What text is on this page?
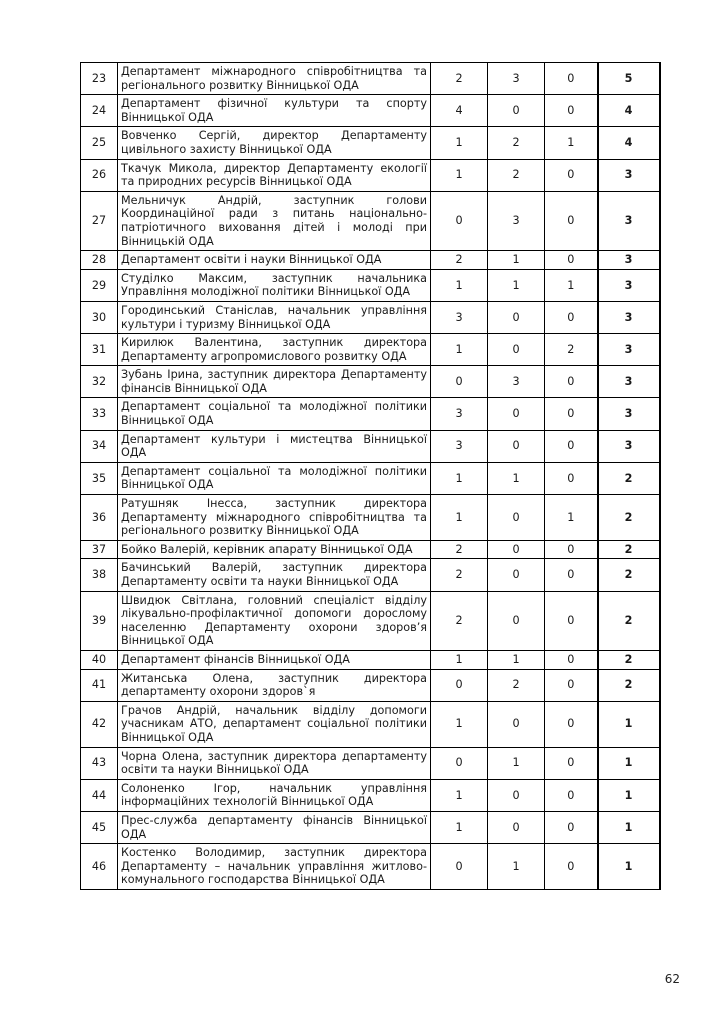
23	Департамент міжнародного співробітництва та регіонального розвитку Вінницької ОДА	2	3	0	5
24	Департамент фізичної культури та спорту Вінницької ОДА	4	0	0	4
25	Вовченко Сергій, директор Департаменту цивільного захисту Вінницької ОДА	1	2	1	4
26	Ткачук Микола, директор Департаменту екології та природних ресурсів Вінницької ОДА	1	2	0	3
27	Мельничук Андрій, заступник голови Координаційної ради з питань національно-патріотичного виховання дітей і молоді при Вінницькій ОДА	0	3	0	3
28	Департамент освіти і науки Вінницької ОДА	2	1	0	3
29	Студілко Максим, заступник начальника Управління молодіжної політики Вінницької ОДА	1	1	1	3
30	Городинський Станіслав, начальник управління культури і туризму Вінницької ОДА	3	0	0	3
31	Кирилюк Валентина, заступник директора Департаменту агропромислового розвитку ОДА	1	0	2	3
32	Зубань Ірина, заступник директора Департаменту фінансів Вінницької ОДА	0	3	0	3
33	Департамент соціальної та молодіжної політики Вінницької ОДА	3	0	0	3
34	Департамент культури і мистецтва Вінницької ОДА	3	0	0	3
35	Департамент соціальної та молодіжної політики Вінницької ОДА	1	1	0	2
36	Ратушняк Інесса, заступник директора Департаменту міжнародного співробітництва та регіонального розвитку Вінницької ОДА	1	0	1	2
37	Бойко Валерій, керівник апарату Вінницької ОДА	2	0	0	2
38	Бачинський Валерій, заступник директора Департаменту освіти та науки Вінницької ОДА	2	0	0	2
39	Швидюк Світлана, головний спеціаліст відділу лікувально-профілактичної допомоги дорослому населенню Департаменту охорони здоров’я Вінницької ОДА	2	0	0	2
40	Департамент фінансів Вінницької ОДА	1	1	0	2
41	Житанська Олена, заступник директора департаменту охорони здоров`я	0	2	0	2
42	Грачов Андрій, начальник відділу допомоги учасникам АТО, департамент соціальної політики Вінницької ОДА	1	0	0	1
43	Чорна Олена, заступник директора департаменту освіти та науки Вінницької ОДА	0	1	0	1
44	Солоненко Ігор, начальник управління інформаційних технологій Вінницької ОДА	1	0	0	1
45	Прес-служба департаменту фінансів Вінницької ОДА	1	0	0	1
46	Костенко Володимир, заступник директора Департаменту – начальник управління житлово-комунального господарства Вінницької ОДА	0	1	0	1
62
